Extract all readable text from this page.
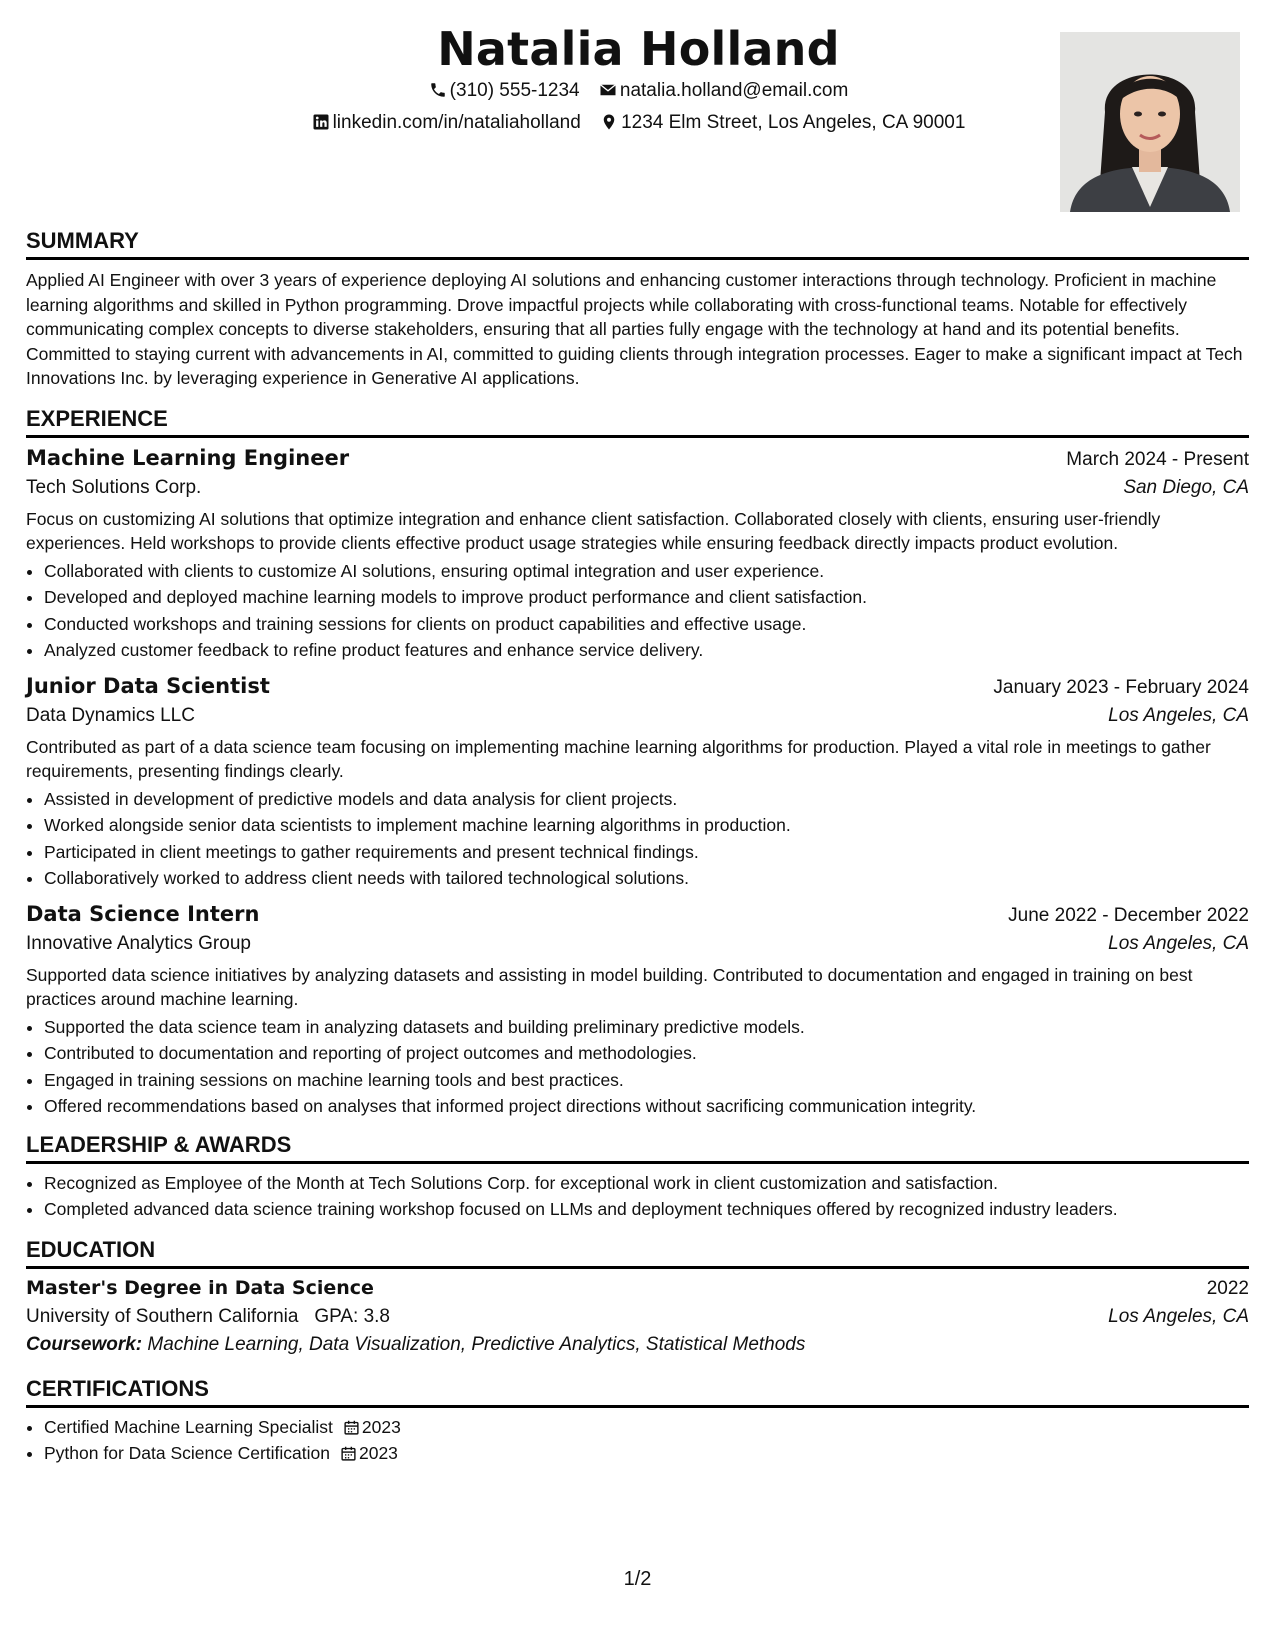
Natalia Holland
(310) 555-1234 natalia.holland@email.com
linkedin.com/in/nataliaholland 1234 Elm Street, Los Angeles, CA 90001
SUMMARY

Applied AI Engineer with over 3 years of experience deploying AI solutions and enhancing customer interactions through technology. Proficient in machine learning algorithms and skilled in Python programming. Drove impactful projects while collaborating with cross-functional teams. Notable for effectively communicating complex concepts to diverse stakeholders, ensuring that all parties fully engage with the technology at hand and its potential benefits. Committed to staying current with advancements in AI, committed to guiding clients through integration processes. Eager to make a significant impact at Tech Innovations Inc. by leveraging experience in Generative AI applications.

EXPERIENCE
Machine Learning Engineer	March 2024 - Present
Tech Solutions Corp.	San Diego, CA

Focus on customizing AI solutions that optimize integration and enhance client satisfaction. Collaborated closely with clients, ensuring user-friendly experiences. Held workshops to provide clients effective product usage strategies while ensuring feedback directly impacts product evolution.

• Collaborated with clients to customize AI solutions, ensuring optimal integration and user experience.
• Developed and deployed machine learning models to improve product performance and client satisfaction.
• Conducted workshops and training sessions for clients on product capabilities and effective usage.
• Analyzed customer feedback to refine product features and enhance service delivery.
Junior Data Scientist	January 2023 - February 2024
Data Dynamics LLC	Los Angeles, CA

Contributed as part of a data science team focusing on implementing machine learning algorithms for production. Played a vital role in meetings to gather requirements, presenting findings clearly.

• Assisted in development of predictive models and data analysis for client projects.
• Worked alongside senior data scientists to implement machine learning algorithms in production.
• Participated in client meetings to gather requirements and present technical findings.
• Collaboratively worked to address client needs with tailored technological solutions.
Data Science Intern	June 2022 - December 2022
Innovative Analytics Group	Los Angeles, CA

Supported data science initiatives by analyzing datasets and assisting in model building. Contributed to documentation and engaged in training on best practices around machine learning.

• Supported the data science team in analyzing datasets and building preliminary predictive models.
• Contributed to documentation and reporting of project outcomes and methodologies.
• Engaged in training sessions on machine learning tools and best practices.
• Offered recommendations based on analyses that informed project directions without sacrificing communication integrity.
LEADERSHIP & AWARDS
• Recognized as Employee of the Month at Tech Solutions Corp. for exceptional work in client customization and satisfaction.
• Completed advanced data science training workshop focused on LLMs and deployment techniques offered by recognized industry leaders.
EDUCATION
Master's Degree in Data Science	2022
University of Southern California GPA: 3.8	Los Angeles, CA
Coursework: Machine Learning, Data Visualization, Predictive Analytics, Statistical Methods
CERTIFICATIONS
• Certified Machine Learning Specialist 2023
• Python for Data Science Certification 2023
1/2
